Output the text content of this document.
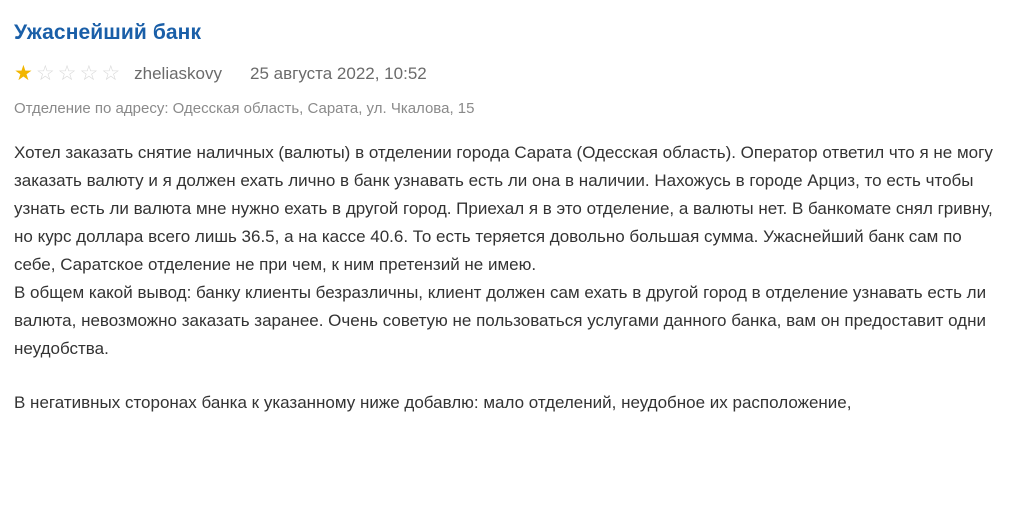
Ужаснейший банк
★ ☆ ☆ ☆ ☆ zheliaskovy 25 августа 2022, 10:52
Отделение по адресу: Одесская область, Сарата, ул. Чкалова, 15

Хотел заказать снятие наличных (валюты) в отделении города Сарата (Одесская область). Оператор ответил что я не могу заказать валюту и я должен ехать лично в банк узнавать есть ли она в наличии. Нахожусь в городе Арциз, то есть чтобы узнать есть ли валюта мне нужно ехать в другой город. Приехал я в это отделение, а валюты нет. В банкомате снял гривну, но курс доллара всего лишь 36.5, а на кассе 40.6. То есть теряется довольно большая сумма. Ужаснейший банк сам по себе, Саратское отделение не при чем, к ним претензий не имею.

В общем какой вывод: банку клиенты безразличны, клиент должен сам ехать в другой город в отделение узнавать есть ли валюта, невозможно заказать заранее. Очень советую не пользоваться услугами данного банка, вам он предоставит одни неудобства.

В негативных сторонах банка к указанному ниже добавлю: мало отделений, неудобное их расположение,
